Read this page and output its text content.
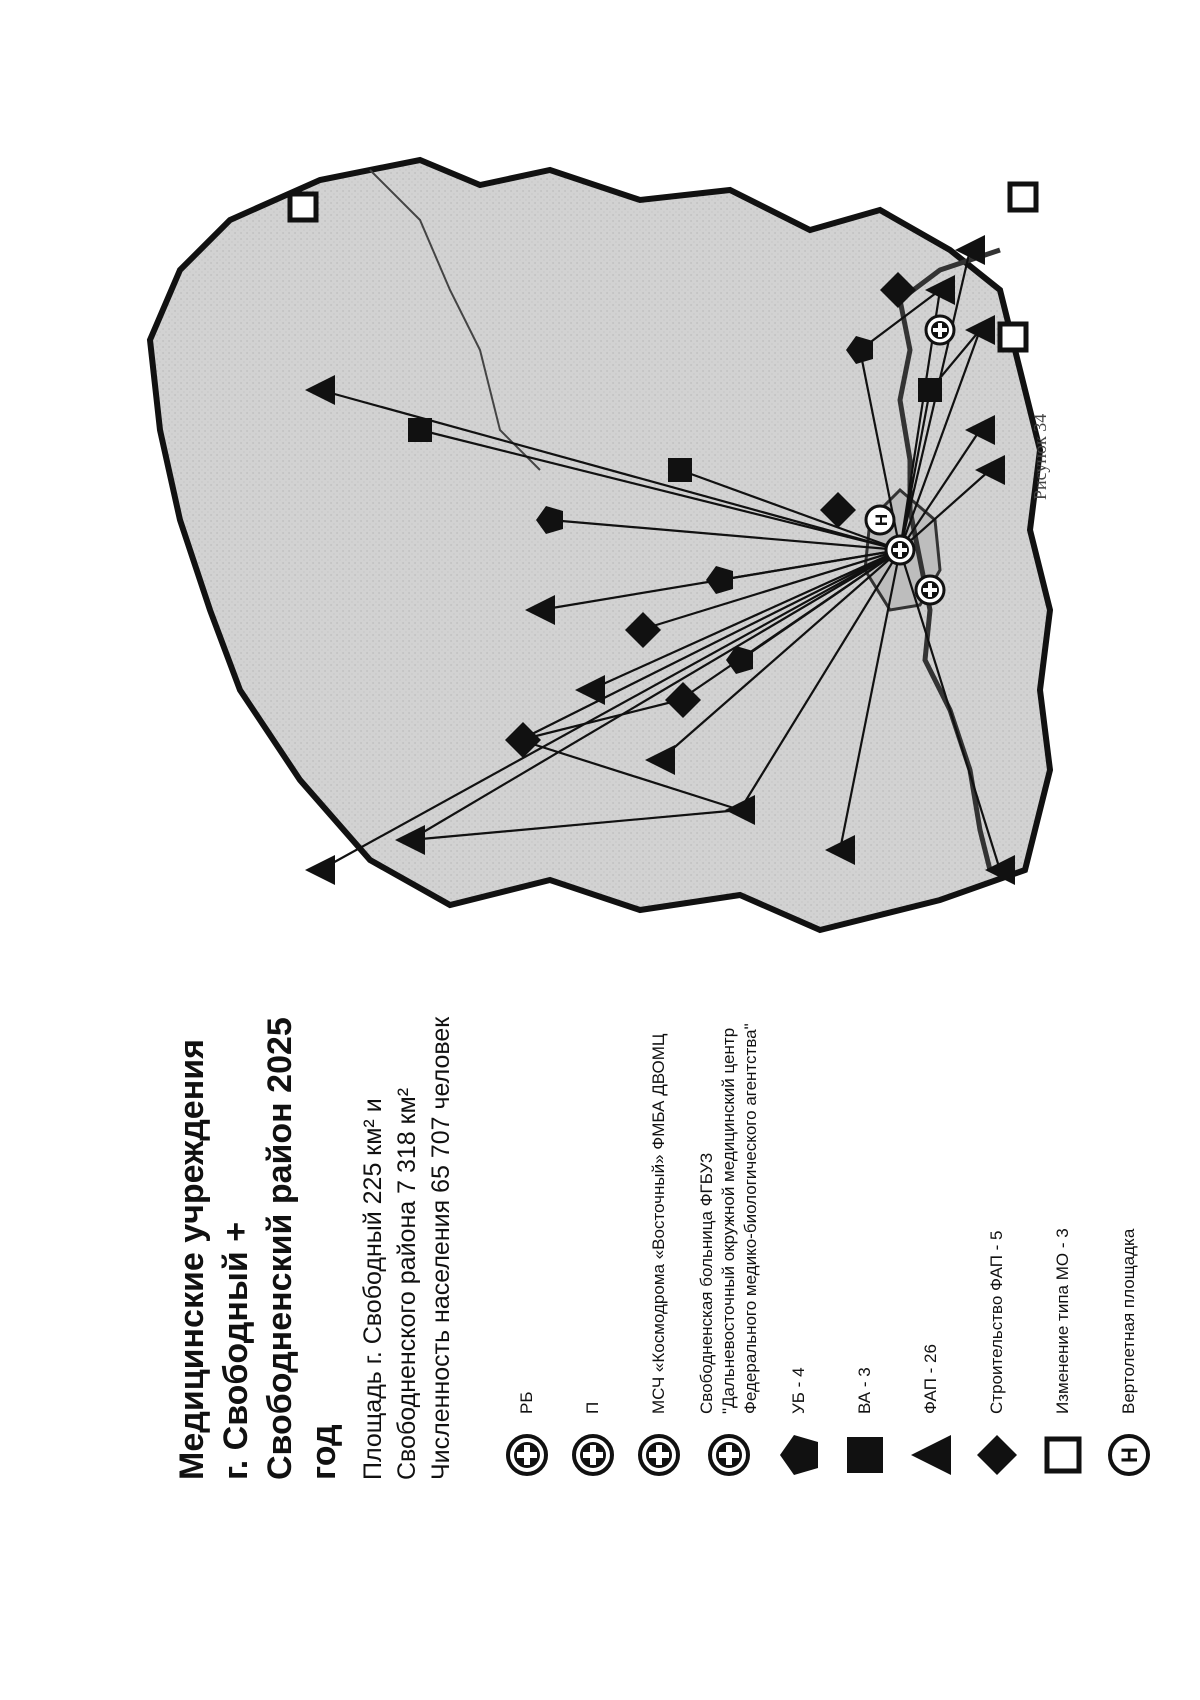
Медицинские учреждения г. Свободный + Свободненский район 2025 год Площадь г. Свободный 225 км² и Свободненского района 7 318 км² Численность населения 65 707 человек	РБ	П	МСЧ «Космодрома «Восточный» ФМБА ДВОМЦ Свободненская больница ФГБУЗ "Дальневосточный окружной медицинский центр Федерального медико-биологического агентства" УБ - 4	ВА - 3	ФАП - 26	Строительство ФАП - 5	Изменение типа МО - 3
H
Вертолетная площадка
H
Рисунок 34
